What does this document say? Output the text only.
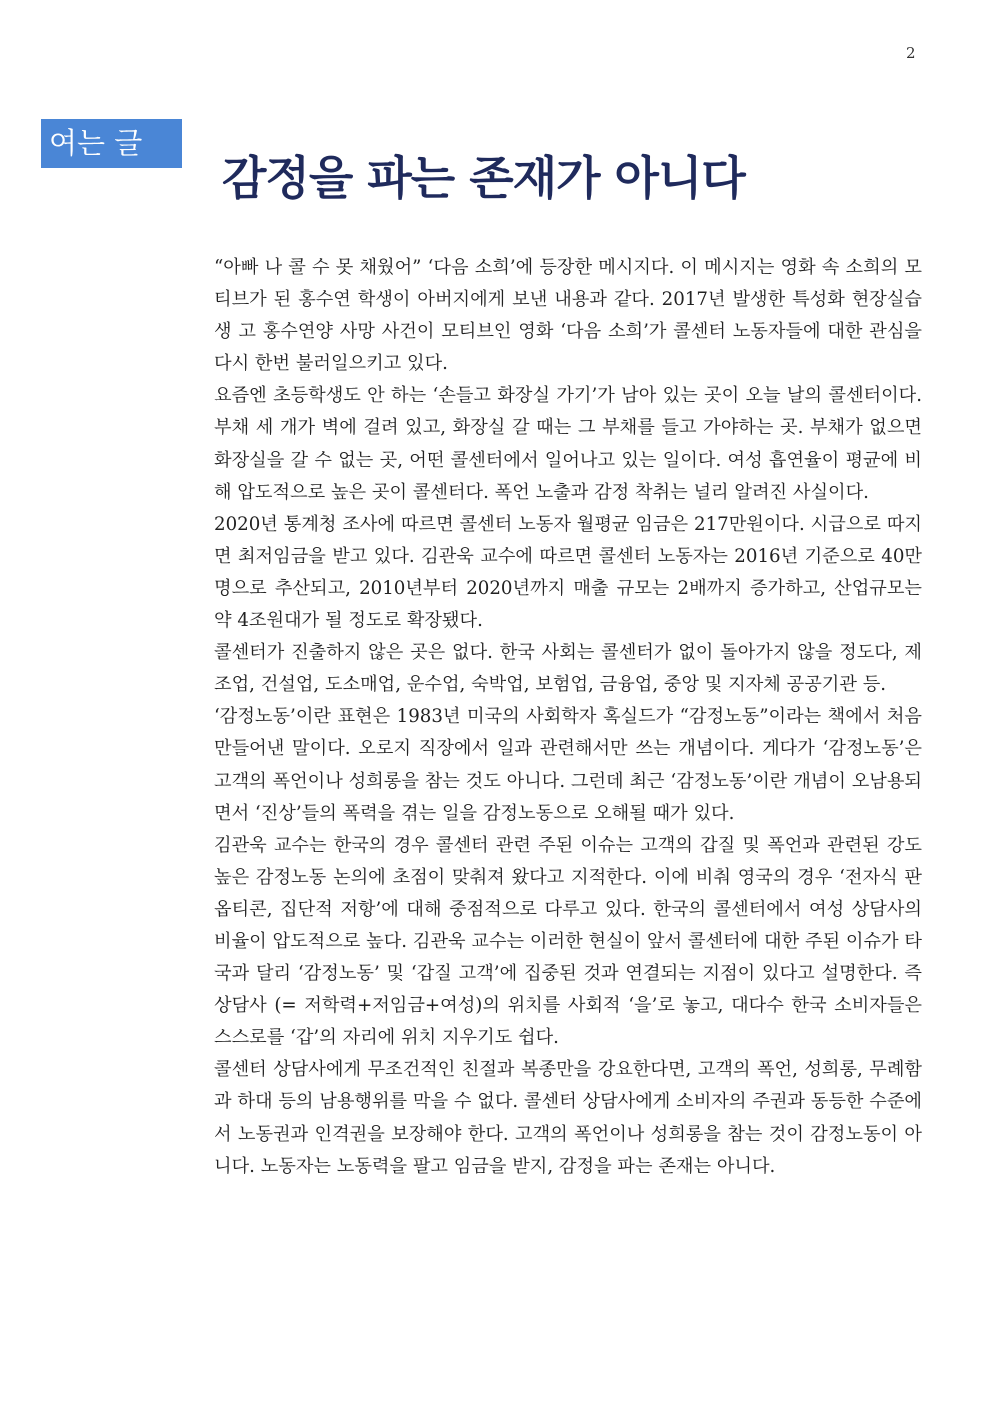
2
여는 글
감정을 파는 존재가 아니다

“아빠 나 콜 수 못 채웠어” ‘다음 소희’에 등장한 메시지다. 이 메시지는 영화 속 소희의 모티브가 된 홍수연 학생이 아버지에게 보낸 내용과 같다. 2017년 발생한 특성화 현장실습생 고 홍수연양 사망 사건이 모티브인 영화 ‘다음 소희’가 콜센터 노동자들에 대한 관심을 다시 한번 불러일으키고 있다.

요즘엔 초등학생도 안 하는 ‘손들고 화장실 가기’가 남아 있는 곳이 오늘 날의 콜센터이다. 부채 세 개가 벽에 걸려 있고, 화장실 갈 때는 그 부채를 들고 가야하는 곳. 부채가 없으면 화장실을 갈 수 없는 곳, 어떤 콜센터에서 일어나고 있는 일이다. 여성 흡연율이 평균에 비해 압도적으로 높은 곳이 콜센터다. 폭언 노출과 감정 착취는 널리 알려진 사실이다.

2020년 통계청 조사에 따르면 콜센터 노동자 월평균 임금은 217만원이다. 시급으로 따지면 최저임금을 받고 있다. 김관욱 교수에 따르면 콜센터 노동자는 2016년 기준으로 40만명으로 추산되고, 2010년부터 2020년까지 매출 규모는 2배까지 증가하고, 산업규모는 약 4조원대가 될 정도로 확장됐다.

콜센터가 진출하지 않은 곳은 없다. 한국 사회는 콜센터가 없이 돌아가지 않을 정도다, 제조업, 건설업, 도소매업, 운수업, 숙박업, 보험업, 금융업, 중앙 및 지자체 공공기관 등.

‘감정노동’이란 표현은 1983년 미국의 사회학자 혹실드가 “감정노동”이라는 책에서 처음 만들어낸 말이다. 오로지 직장에서 일과 관련해서만 쓰는 개념이다. 게다가 ‘감정노동’은 고객의 폭언이나 성희롱을 참는 것도 아니다. 그런데 최근 ‘감정노동’이란 개념이 오남용되면서 ‘진상’들의 폭력을 겪는 일을 감정노동으로 오해될 때가 있다.

김관욱 교수는 한국의 경우 콜센터 관련 주된 이슈는 고객의 갑질 및 폭언과 관련된 강도 높은 감정노동 논의에 초점이 맞춰져 왔다고 지적한다. 이에 비춰 영국의 경우 ‘전자식 판옵티콘, 집단적 저항’에 대해 중점적으로 다루고 있다. 한국의 콜센터에서 여성 상담사의 비율이 압도적으로 높다. 김관욱 교수는 이러한 현실이 앞서 콜센터에 대한 주된 이슈가 타국과 달리 ‘감정노동’ 및 ‘갑질 고객’에 집중된 것과 연결되는 지점이 있다고 설명한다. 즉 상담사 (= 저학력+저임금+여성)의 위치를 사회적 ‘을’로 놓고, 대다수 한국 소비자들은 스스로를 ‘갑’의 자리에 위치 지우기도 쉽다.

콜센터 상담사에게 무조건적인 친절과 복종만을 강요한다면, 고객의 폭언, 성희롱, 무례함과 하대 등의 남용행위를 막을 수 없다. 콜센터 상담사에게 소비자의 주권과 동등한 수준에서 노동권과 인격권을 보장해야 한다. 고객의 폭언이나 성희롱을 참는 것이 감정노동이 아니다. 노동자는 노동력을 팔고 임금을 받지, 감정을 파는 존재는 아니다.
